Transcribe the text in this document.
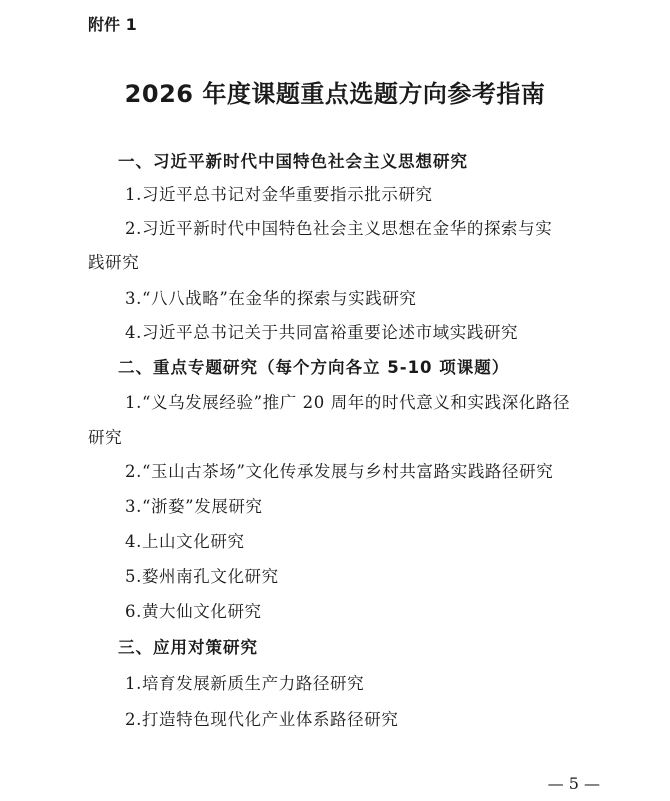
附件 1
2026 年度课题重点选题方向参考指南
一、习近平新时代中国特色社会主义思想研究
1.习近平总书记对金华重要指示批示研究
2.习近平新时代中国特色社会主义思想在金华的探索与实
践研究
3.“八八战略”在金华的探索与实践研究
4.习近平总书记关于共同富裕重要论述市域实践研究
二、重点专题研究（每个方向各立 5-10 项课题）
1.“义乌发展经验”推广 20 周年的时代意义和实践深化路径
研究
2.“玉山古茶场”文化传承发展与乡村共富路实践路径研究
3.“浙婺”发展研究
4.上山文化研究
5.婺州南孔文化研究
6.黄大仙文化研究
三、应用对策研究
1.培育发展新质生产力路径研究
2.打造特色现代化产业体系路径研究
— 5 —
